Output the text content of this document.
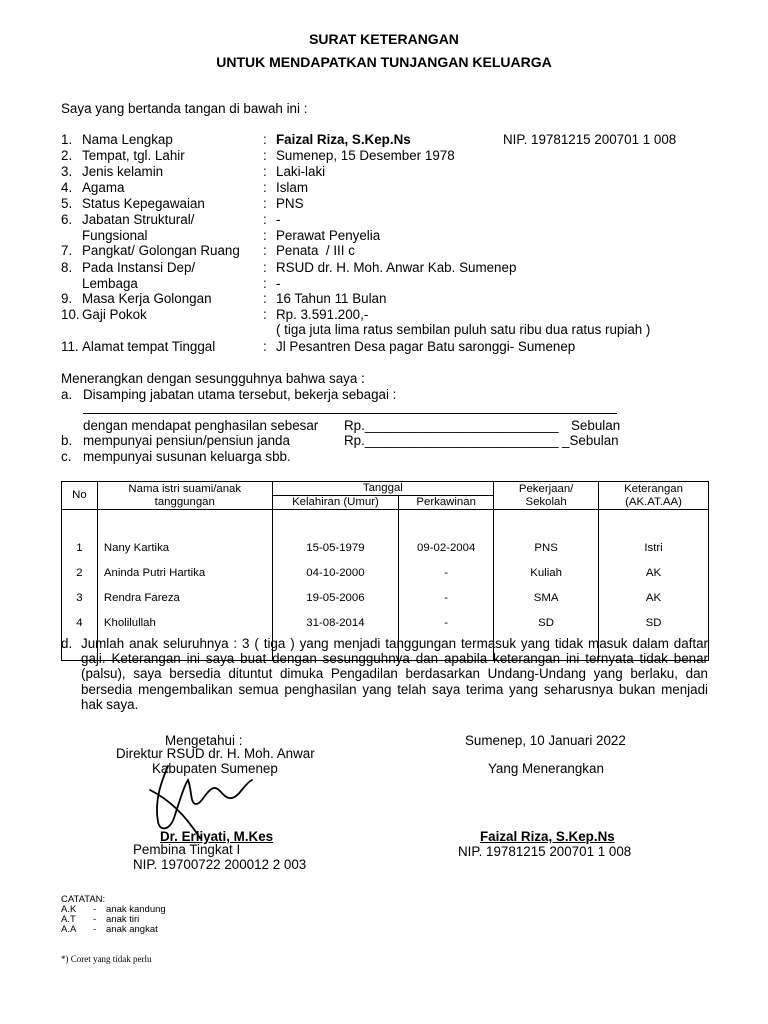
SURAT KETERANGAN
UNTUK MENDAPATKAN TUNJANGAN KELUARGA
Saya yang bertanda tangan di bawah ini :
1. Nama Lengkap	: Faizal Riza, S.Kep.Ns	NIP. 19781215 200701 1 008
2. Tempat, tgl. Lahir	: Sumenep, 15 Desember 1978
3. Jenis kelamin	: Laki-laki
4. Agama	: Islam
5. Status Kepegawaian	: PNS
6. Jabatan Struktural/	: -
Fungsional	: Perawat Penyelia
7. Pangkat/ Golongan Ruang : Penata  / III c
8. Pada Instansi Dep/	: RSUD dr. H. Moh. Anwar Kab. Sumenep
Lembaga	: -
9. Masa Kerja Golongan	: 16 Tahun 11 Bulan
10. Gaji Pokok	: Rp. 3.591.200,-
( tiga juta lima ratus sembilan puluh satu ribu dua ratus rupiah )
11. Alamat tempat Tinggal	: Jl Pesantren Desa pagar Batu saronggi- Sumenep
Menerangkan dengan sesungguhnya bahwa saya :
a. Disamping jabatan utama tersebut, bekerja sebagai :
dengan mendapat penghasilan sebesar Rp.__________________________ Sebulan
b. mempunyai pensiun/pensiun janda	Rp.__________________________ _Sebulan
c. mempunyai susunan keluarga sbb.
No	Nama istri suami/anak tanggungan	Tanggal		Pekerjaan/ Sekolah	Keterangan (AK.AT.AA)
		Kelahiran (Umur)	Perkawinan		

1	Nany Kartika	15-05-1979	09-02-2004	PNS	Istri
2	Aninda Putri Hartika	04-10-2000	-	Kuliah	AK
3	Rendra Fareza	19-05-2006	-	SMA	AK
4	Kholilullah	31-08-2014	-	SD	SD

d. Jumlah anak seluruhnya : 3 ( tiga ) yang menjadi tanggungan termasuk yang tidak masuk dalam daftar gaji. Keterangan ini saya buat dengan sesungguhnya dan apabila keterangan ini ternyata tidak benar (palsu), saya bersedia dituntut dimuka Pengadilan berdasarkan Undang-Undang yang berlaku, dan bersedia mengembalikan semua penghasilan yang telah saya terima yang seharusnya bukan menjadi hak saya.
Mengetahui :
Direktur RSUD dr. H. Moh. Anwar
Kabupaten Sumenep
Dr. Erliyati, M.Kes
Pembina Tingkat I
NIP. 19700722 200012 2 003
Sumenep, 10 Januari 2022
Yang Menerangkan
Faizal Riza, S.Kep.Ns
NIP. 19781215 200701 1 008
CATATAN:
A.K - anak kandung
A.T - anak tiri
A.A - anak angkat
*) Coret yang tidak perlu
